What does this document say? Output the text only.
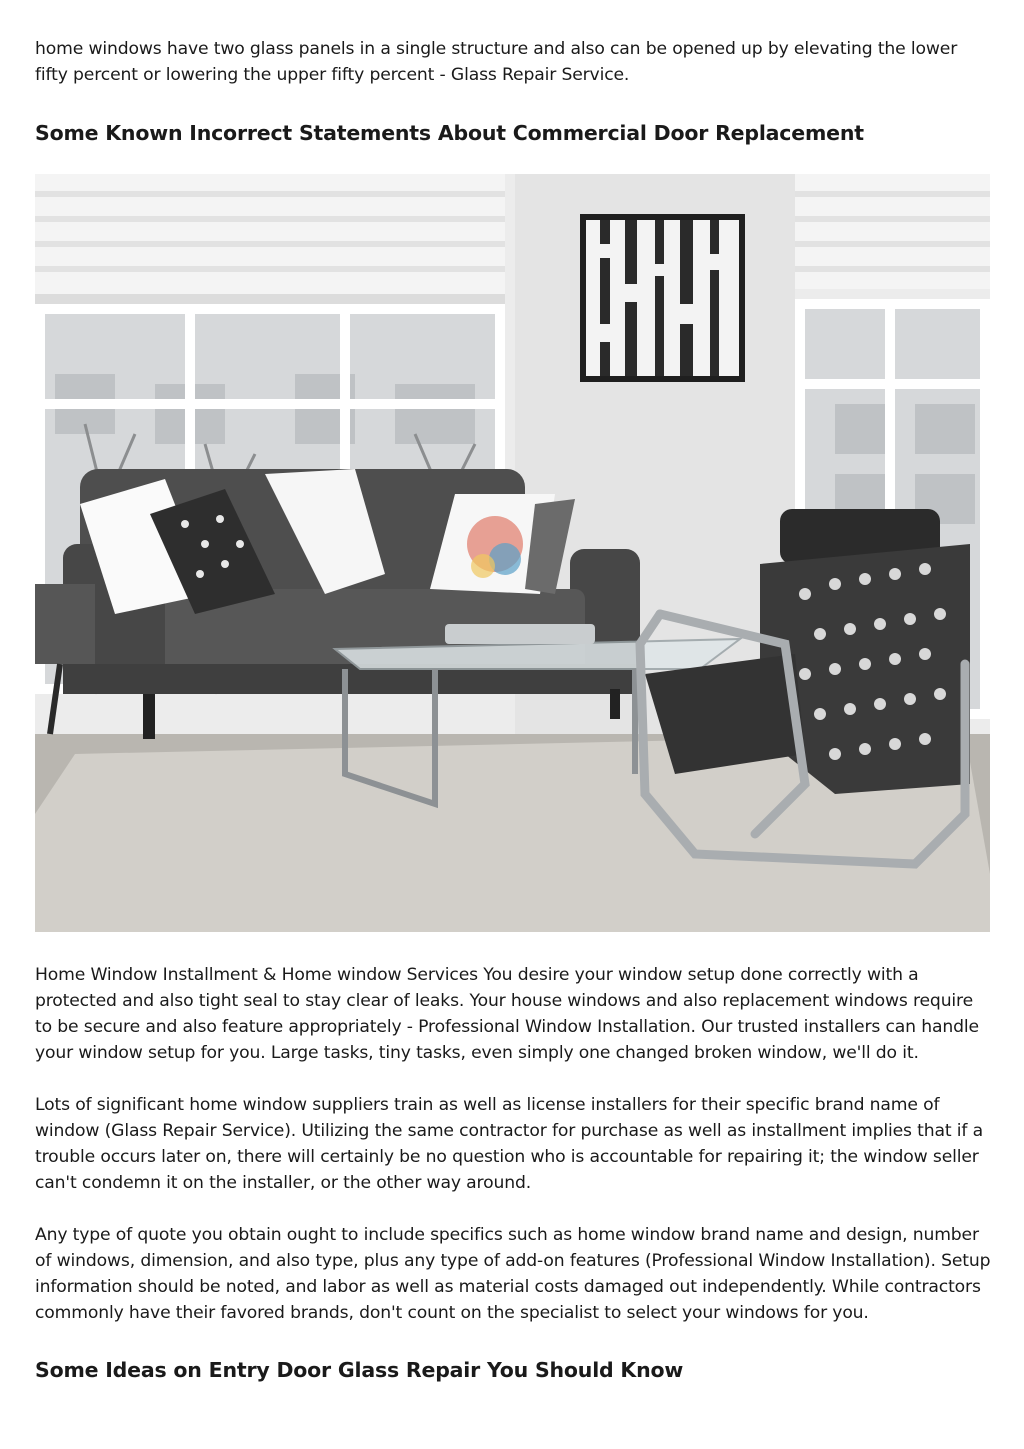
home windows have two glass panels in a single structure and also can be opened up by elevating the lower fifty percent or lowering the upper fifty percent - Glass Repair Service.

Some Known Incorrect Statements About Commercial Door Replacement

Home Window Installment & Home window Services You desire your window setup done correctly with a protected and also tight seal to stay clear of leaks. Your house windows and also replacement windows require to be secure and also feature appropriately - Professional Window Installation. Our trusted installers can handle your window setup for you. Large tasks, tiny tasks, even simply one changed broken window, we'll do it.

Lots of significant home window suppliers train as well as license installers for their specific brand name of window (Glass Repair Service). Utilizing the same contractor for purchase as well as installment implies that if a trouble occurs later on, there will certainly be no question who is accountable for repairing it; the window seller can't condemn it on the installer, or the other way around.

Any type of quote you obtain ought to include specifics such as home window brand name and design, number of windows, dimension, and also type, plus any type of add-on features (Professional Window Installation). Setup information should be noted, and labor as well as material costs damaged out independently. While contractors commonly have their favored brands, don't count on the specialist to select your windows for you.

Some Ideas on Entry Door Glass Repair You Should Know
